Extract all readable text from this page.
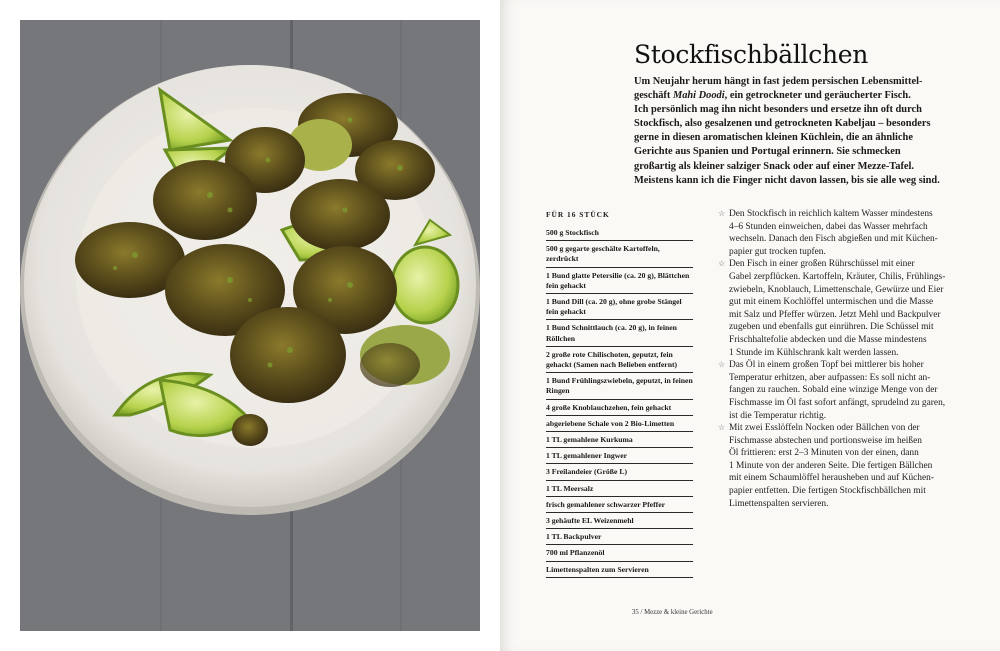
Stockfischbällchen

Um Neujahr herum hängt in fast jedem persischen Lebensmittel-
geschäft Mahi Doodi, ein getrockneter und geräucherter Fisch.
Ich persönlich mag ihn nicht besonders und ersetze ihn oft durch
Stockfisch, also gesalzenen und getrockneten Kabeljau – besonders
gerne in diesen aromatischen kleinen Küchlein, die an ähnliche
Gerichte aus Spanien und Portugal erinnern. Sie schmecken
großartig als kleiner salziger Snack oder auf einer Mezze-Tafel.
Meistens kann ich die Finger nicht davon lassen, bis sie alle weg sind.

FÜR 16 STÜCK
500 g Stockfisch
500 g gegarte geschälte Kartoffeln, zerdrückt
1 Bund glatte Petersilie (ca. 20 g), Blättchen fein gehackt
1 Bund Dill (ca. 20 g), ohne grobe Stängel fein gehackt
1 Bund Schnittlauch (ca. 20 g), in feinen Röllchen
2 große rote Chilischoten, geputzt, fein gehackt (Samen nach Belieben entfernt)
1 Bund Frühlingszwiebeln, geputzt, in feinen Ringen
4 große Knoblauchzehen, fein gehackt
abgeriebene Schale von 2 Bio-Limetten
1 TL gemahlene Kurkuma
1 TL gemahlener Ingwer
3 Freilandeier (Größe L)
1 TL Meersalz
frisch gemahlener schwarzer Pfeffer
3 gehäufte EL Weizenmehl
1 TL Backpulver
700 ml Pflanzenöl
Limettenspalten zum Servieren

☆ Den Stockfisch in reichlich kaltem Wasser mindestens
4–6 Stunden einweichen, dabei das Wasser mehrfach
wechseln. Danach den Fisch abgießen und mit Küchen-
papier gut trocken tupfen.

☆ Den Fisch in einer großen Rührschüssel mit einer
Gabel zerpflücken. Kartoffeln, Kräuter, Chilis, Frühlings-
zwiebeln, Knoblauch, Limettenschale, Gewürze und Eier
gut mit einem Kochlöffel untermischen und die Masse
mit Salz und Pfeffer würzen. Jetzt Mehl und Backpulver
zugeben und ebenfalls gut einrühren. Die Schüssel mit
Frischhaltefolie abdecken und die Masse mindestens
1 Stunde im Kühlschrank kalt werden lassen.

☆ Das Öl in einem großen Topf bei mittlerer bis hoher
Temperatur erhitzen, aber aufpassen: Es soll nicht an-
fangen zu rauchen. Sobald eine winzige Menge von der
Fischmasse im Öl fast sofort anfängt, sprudelnd zu garen,
ist die Temperatur richtig.

☆ Mit zwei Esslöffeln Nocken oder Bällchen von der
Fischmasse abstechen und portionsweise im heißen
Öl frittieren: erst 2–3 Minuten von der einen, dann
1 Minute von der anderen Seite. Die fertigen Bällchen
mit einem Schaumlöffel herausheben und auf Küchen-
papier entfetten. Die fertigen Stockfischbällchen mit
Limettenspalten servieren.

35 / Mezze & kleine Gerichte
